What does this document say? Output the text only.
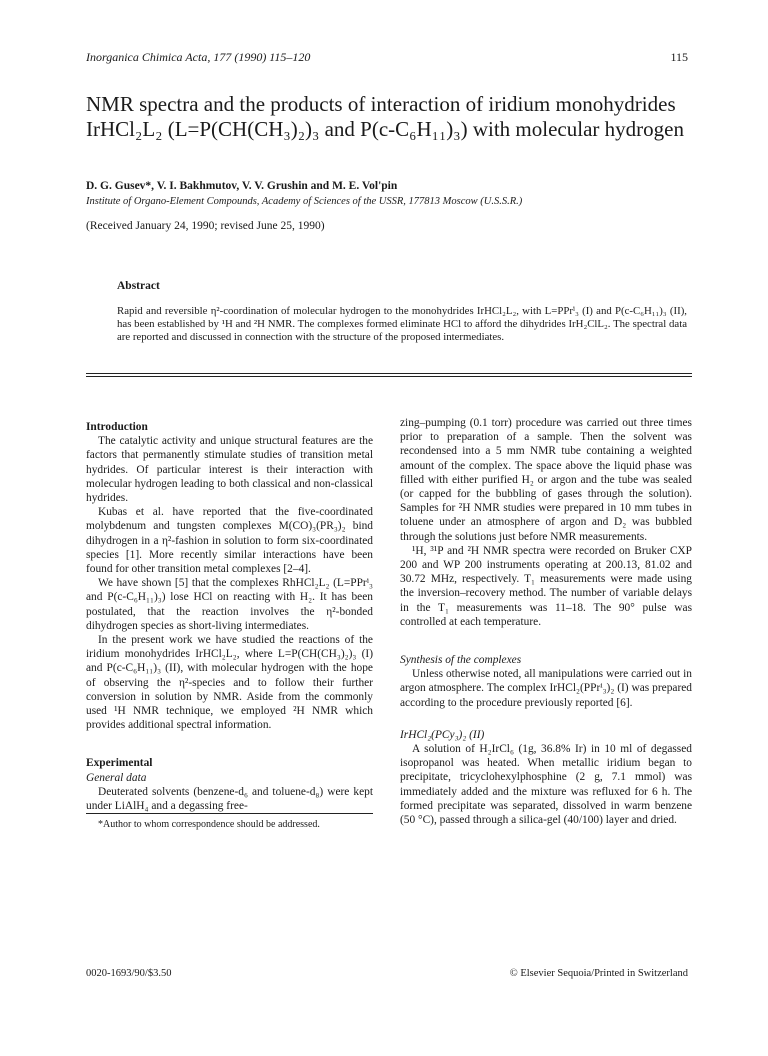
Inorganica Chimica Acta, 177 (1990) 115–120	115
NMR spectra and the products of interaction of iridium monohydrides IrHCl₂L₂ (L=P(CH(CH₃)₂)₃ and P(c-C₆H₁₁)₃) with molecular hydrogen
D. G. Gusev*, V. I. Bakhmutov, V. V. Grushin and M. E. Vol'pin
Institute of Organo-Element Compounds, Academy of Sciences of the USSR, 177813 Moscow (U.S.S.R.)
(Received January 24, 1990; revised June 25, 1990)
Abstract
Rapid and reversible η²-coordination of molecular hydrogen to the monohydrides IrHCl₂L₂, with L=PPrⁱ₃ (I) and P(c-C₆H₁₁)₃ (II), has been established by ¹H and ²H NMR. The complexes formed eliminate HCl to afford the dihydrides IrH₂ClL₂. The spectral data are reported and discussed in connection with the structure of the proposed intermediates.

Introduction

The catalytic activity and unique structural features are the factors that permanently stimulate studies of transition metal hydrides. Of particular interest is their interaction with molecular hydrogen leading to both classical and non-classical hydrides.

Kubas et al. have reported that the five-coordinated molybdenum and tungsten complexes M(CO)₃(PR₃)₂ bind dihydrogen in a η²-fashion in solution to form six-coordinated species [1]. More recently similar interactions have been found for other transition metal complexes [2–4].

We have shown [5] that the complexes RhHCl₂L₂ (L=PPrⁱ₃ and P(c-C₆H₁₁)₃) lose HCl on reacting with H₂. It has been postulated, that the reaction involves the η²-bonded dihydrogen species as short-living intermediates.

In the present work we have studied the reactions of the iridium monohydrides IrHCl₂L₂, where L=P(CH(CH₃)₂)₃ (I) and P(c-C₆H₁₁)₃ (II), with molecular hydrogen with the hope of observing the η²-species and to follow their further conversion in solution by NMR. Aside from the commonly used ¹H NMR technique, we employed ²H NMR which provides additional spectral information.

Experimental

General data

Deuterated solvents (benzene-d₆ and toluene-d₈) were kept under LiAlH₄ and a degassing free-

*Author to whom correspondence should be addressed.

zing–pumping (0.1 torr) procedure was carried out three times prior to preparation of a sample. Then the solvent was recondensed into a 5 mm NMR tube containing a weighted amount of the complex. The space above the liquid phase was filled with either purified H₂ or argon and the tube was sealed (or capped for the bubbling of gases through the solution). Samples for ²H NMR studies were prepared in 10 mm tubes in toluene under an atmosphere of argon and D₂ was bubbled through the solutions just before NMR measurements.

¹H, ³¹P and ²H NMR spectra were recorded on Bruker CXP 200 and WP 200 instruments operating at 200.13, 81.02 and 30.72 MHz, respectively. T₁ measurements were made using the inversion–recovery method. The number of variable delays in the T₁ measurements was 11–18. The 90° pulse was controlled at each temperature.

Synthesis of the complexes

Unless otherwise noted, all manipulations were carried out in argon atmosphere. The complex IrHCl₂(PPrⁱ₃)₂ (I) was prepared according to the procedure previously reported [6].

IrHCl₂(PCy₃)₂ (II)

A solution of H₂IrCl₆ (1g, 36.8% Ir) in 10 ml of degassed isopropanol was heated. When metallic iridium began to precipitate, tricyclohexylphosphine (2 g, 7.1 mmol) was immediately added and the mixture was refluxed for 6 h. The formed precipitate was separated, dissolved in warm benzene (50 °C), passed through a silica-gel (40/100) layer and dried.

0020-1693/90/$3.50	© Elsevier Sequoia/Printed in Switzerland
